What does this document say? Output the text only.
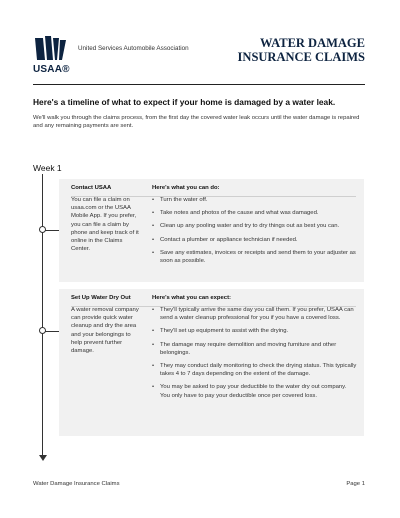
USAA®
United Services Automobile Association	WATER DAMAGE
INSURANCE CLAIMS
Here's a timeline of what to expect if your home is damaged by a water leak.
We'll walk you through the claims process, from the first day the covered water leak occurs until the water damage is repaired and any remaining payments are sent.
Week 1
Contact USAA

You can file a claim on usaa.com or the USAA Mobile App. If you prefer, you can file a claim by phone and keep track of it online in the Claims Center.

Here's what you can do:
• Turn the water off.
• Take notes and photos of the cause and what was damaged.
• Clean up any pooling water and try to dry things out as best you can.
• Contact a plumber or appliance technician if needed.
• Save any estimates, invoices or receipts and send them to your adjuster as soon as possible.
Set Up Water Dry Out

A water removal company can provide quick water cleanup and dry the area and your belongings to help prevent further damage.

Here's what you can expect:
• They'll typically arrive the same day you call them. If you prefer, USAA can send a water cleanup professional for you if you have a covered loss.
• They'll set up equipment to assist with the drying.
• The damage may require demolition and moving furniture and other belongings.
• They may conduct daily monitoring to check the drying status. This typically takes 4 to 7 days depending on the extent of the damage.
• You may be asked to pay your deductible to the water dry out company. You only have to pay your deductible once per covered loss.
Water Damage Insurance Claims	Page 1
